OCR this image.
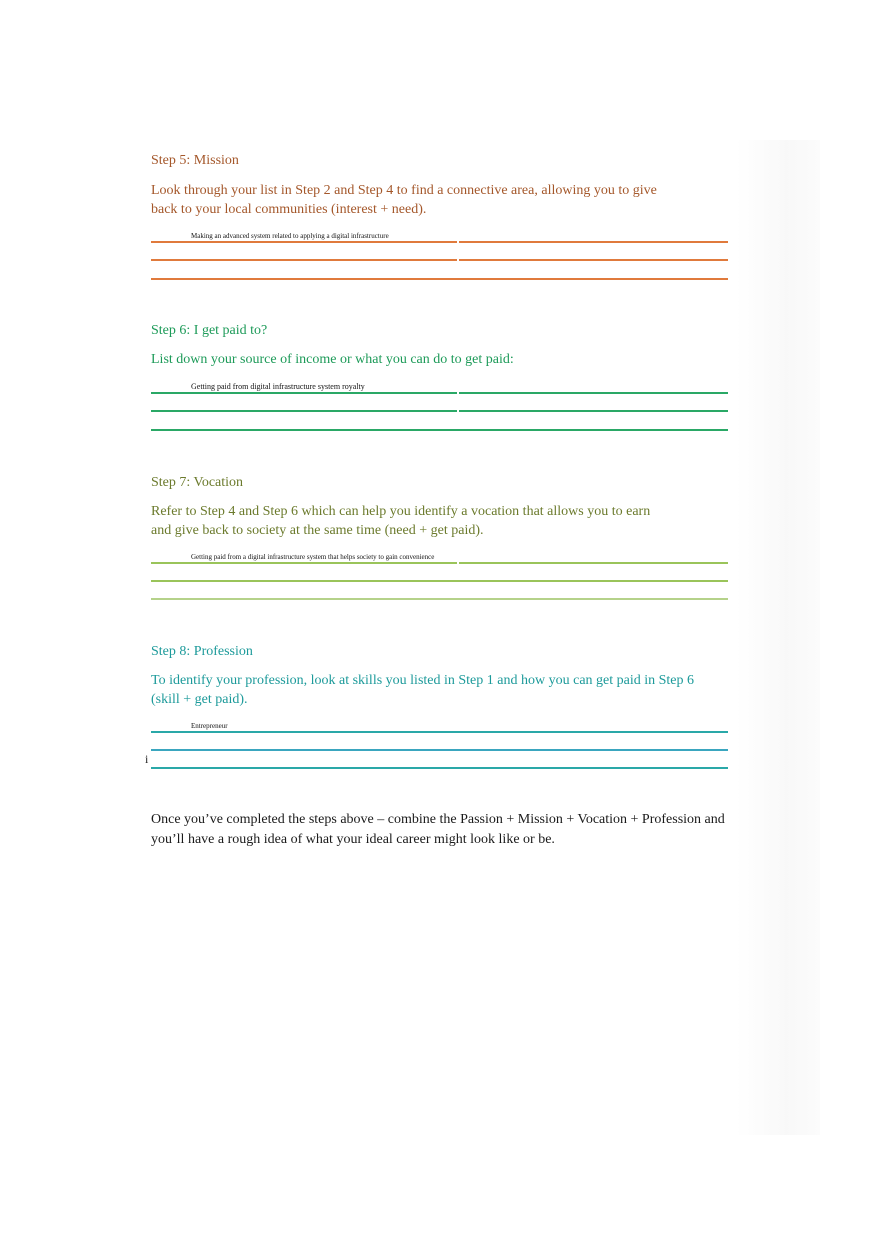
Step 5: Mission
Look through your list in Step 2 and Step 4 to find a connective area, allowing you to give back to your local communities (interest + need).
Making an advanced system related to applying a digital infrastructure
Step 6: I get paid to?
List down your source of income or what you can do to get paid:
Getting paid from digital infrastructure system royalty
Step 7: Vocation
Refer to Step 4 and Step 6 which can help you identify a vocation that allows you to earn and give back to society at the same time (need + get paid).
Getting paid from a digital infrastructure system that helps society to gain convenience
Step 8: Profession
To identify your profession, look at skills you listed in Step 1 and how you can get paid in Step 6 (skill + get paid).
Entrepreneur
i
Once you’ve completed the steps above – combine the Passion + Mission + Vocation + Profession and you’ll have a rough idea of what your ideal career might look like or be.
